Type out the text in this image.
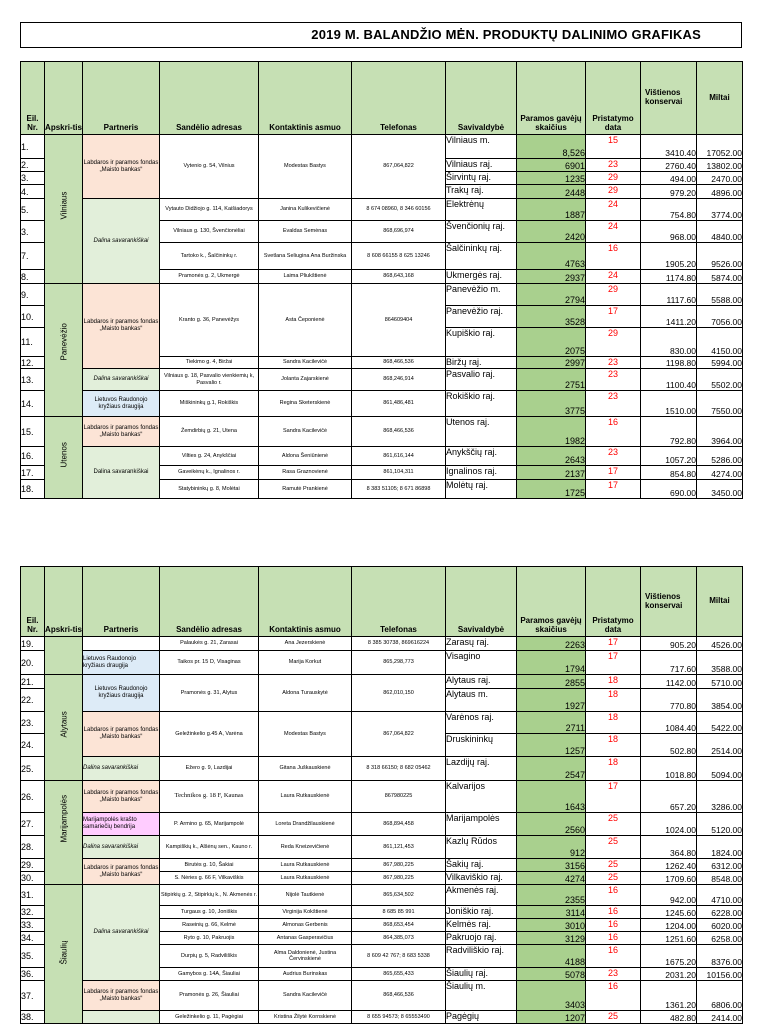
2019 M. BALANDŽIO MĖN. PRODUKTŲ DALINIMO GRAFIKAS
Eil. Nr.	Apskri-tis	Partneris	Sandėlio adresas	Kontaktinis asmuo	Telefonas	Savivaldybė	Paramos gavėjų skaičius	Pristatymo data	Vištienos konservai	Miltai
1.	Vilniaus	Labdaros ir paramos fondas „Maisto bankas“	Vytenio g. 54, Vilnius	Modestas Bastys	867,064,822	Vilniaus m.	8,526	15	3410.40	17052.00
2.						Vilniaus raj.	6901	23	2760.40	13802.00
3.						Širvintų raj.	1235	29	494.00	2470.00
4.						Trakų raj.	2448	29	979.20	4896.00
5.		Dalina savarankiškai	Vytauto Didžiojo g. 114, Kaišiadorys	Janina Kulikevičienė	8 674 08960, 8 346 60156	Elektrėnų	1887	24	754.80	3774.00
3.			Vilniaus g. 130, Švenčionėliai	Evaldas Semėnas	868,696,974	Švenčionių raj.	2420	24	968.00	4840.00
7.			Tartoko k., Šalčininkų r.	Svetlana Seliugina Ana Buržinska	8 608 66155 8 625 13246	Šalčininkų raj.	4763	16	1905.20	9526.00
8.			Pramonės g. 2, Ukmergė	Laima Pliukštienė	868,643,168	Ukmergės raj.	2937	24	1174.80	5874.00
9.	Panevėžio	Labdaros ir paramos fondas „Maisto bankas“	Kranto g. 36, Panevėžys	Asta Čeponienė	864609404	Panevėžio m.	2794	29	1117.60	5588.00
10.						Panevėžio raj.	3528	17	1411.20	7056.00
11.						Kupiškio raj.	2075	29	830.00	4150.00
12.			Tiekimo g. 4, Biržai	Sandra Kacilevičė	868,466,536	Biržų raj.	2997	23	1198.80	5994.00
13.		Dalina savarankiškai	Vilniaus g. 18, Pasvalio vienkiemių k, Pasvalio r.	Jolanta Zajarskienė	868,246,914	Pasvalio raj.	2751	23	1100.40	5502.00
14.		Lietuvos Raudonojo kryžiaus draugija	Miškininkų g.1, Rokiškis	Regina Sketerskienė	861,486,481	Rokiškio raj.	3775	23	1510.00	7550.00
15.	Utenos	Labdaros ir paramos fondas „Maisto bankas“	Žemdirbių g. 21, Utena	Sandra Kacilevičė	868,466,536	Utenos raj.	1982	16	792.80	3964.00
16.		Dalina savarankiškai	Vilties g. 24, Anykščiai	Aldona Šeniūnienė	861,616,144	Anykščių raj.	2643	23	1057.20	5286.00
17.			Gaveikėnų k., Ignalinos r.	Rasa Graznovienė	861,104,311	Ignalinos raj.	2137	17	854.80	4274.00
18.			Statybininkų g. 8, Molėtai	Ramutė Prankienė	8 383 51105; 8 671 86898	Molėtų raj.	1725	17	690.00	3450.00
Eil. Nr.	Apskri-tis	Partneris	Sandėlio adresas	Kontaktinis asmuo	Telefonas	Savivaldybė	Paramos gavėjų skaičius	Pristatymo data	Vištienos konservai	Miltai
19.			Palaukės g. 21, Zarasai	Ana Jezerskienė	8 385 30738, 869616224	Zarasų raj.	2263	17	905.20	4526.00
20.		Lietuvos Raudonojo kryžiaus draugija	Taikos pr. 15 D, Visaginas	Marija Korkut	865,298,773	Visagino	1794	17	717.60	3588.00
21.	Alytaus	Lietuvos Raudonojo kryžiaus draugija	Pramonės g. 31, Alytus	Aldona Turauskytė	862,010,150	Alytaus raj.	2855	18	1142.00	5710.00
22.						Alytaus m.	1927	18	770.80	3854.00
23.		Labdaros ir paramos fondas „Maisto bankas“	Geležinkelio g.45 A, Varėna	Modestas Bastys	867,064,822	Varėnos raj.	2711	18	1084.40	5422.00
24.						Druskininkų	1257	18	502.80	2514.00
25.		Dalina savarankiškai	Ežero g. 9, Lazdijai	Gitana Juškauskienė	8 318 66150; 8 682 05462	Lazdijų raj.	2547	18	1018.80	5094.00
26.	Marijampolės	Labdaros ir paramos fondas „Maisto bankas“	Technikos g. 18 F, Kaunas	Laura Rutkauskienė	867980225	Kalvarijos	1643	17	657.20	3286.00
27.		Marijampolės krašto samariečių bendrija	P. Armino g. 65, Marijampolė	Loreta Drandžilauskienė	868,894,458	Marijampolės	2560	25	1024.00	5120.00
28.		Dalina savarankiškai	Kampiškių k., Alšėnų sen., Kauno r.	Reda Kneizevičienė	861,121,453	Kazlų Rūdos	912	25	364.80	1824.00
29.		Labdaros ir paramos fondas „Maisto bankas“	Birutės g. 10, Šakiai	Laura Rutkauskienė	867,980,225	Šakių raj.	3156	25	1262.40	6312.00
30.			S. Nėries g. 66 F, Vilkaviškis	Laura Rutkauskienė	867,980,225	Vilkaviškio raj.	4274	25	1709.60	8548.00
31.	Šiaulių	Dalina savarankiškai	Stipirkių g. 2, Stipirkių k., N. Akmenės r.	Nijolė Tautkienė	865,634,502	Akmenės raj.	2355	16	942.00	4710.00
32.			Turgaus g. 10, Joniškis	Virginija Kokštienė	8 685 85 991	Joniškio raj.	3114	16	1245.60	6228.00
33.			Raseinių g. 66, Kelmė	Almonas Gerbenis	868,653,454	Kelmės raj.	3010	16	1204.00	6020.00
34.			Ryto g. 10, Pakruojis	Antanas Gasperavičius	864,385,073	Pakruojo raj.	3129	16	1251.60	6258.00
35.			Durpių g. 5, Radviliškis	Alma Daldonienė, Justina Červinskienė	8 609 42 767; 8 683 5338	Radviliškio raj.	4188	16	1675.20	8376.00
36.			Gamybos g. 14A, Šiauliai	Audrius Burinskas	865,655,433	Šiaulių raj.	5078	23	2031.20	10156.00
37.		Labdaros ir paramos fondas „Maisto bankas“	Pramonės g. 26, Šiauliai	Sandra Kacilevičė	868,466,536	Šiaulių m.	3403	16	1361.20	6806.00
38.			Geležinkelio g. 11, Pagėgiai	Kristina Žilytė Kornskienė	8 655 94573; 8 65553490	Pagėgių	1207	25	482.80	2414.00
